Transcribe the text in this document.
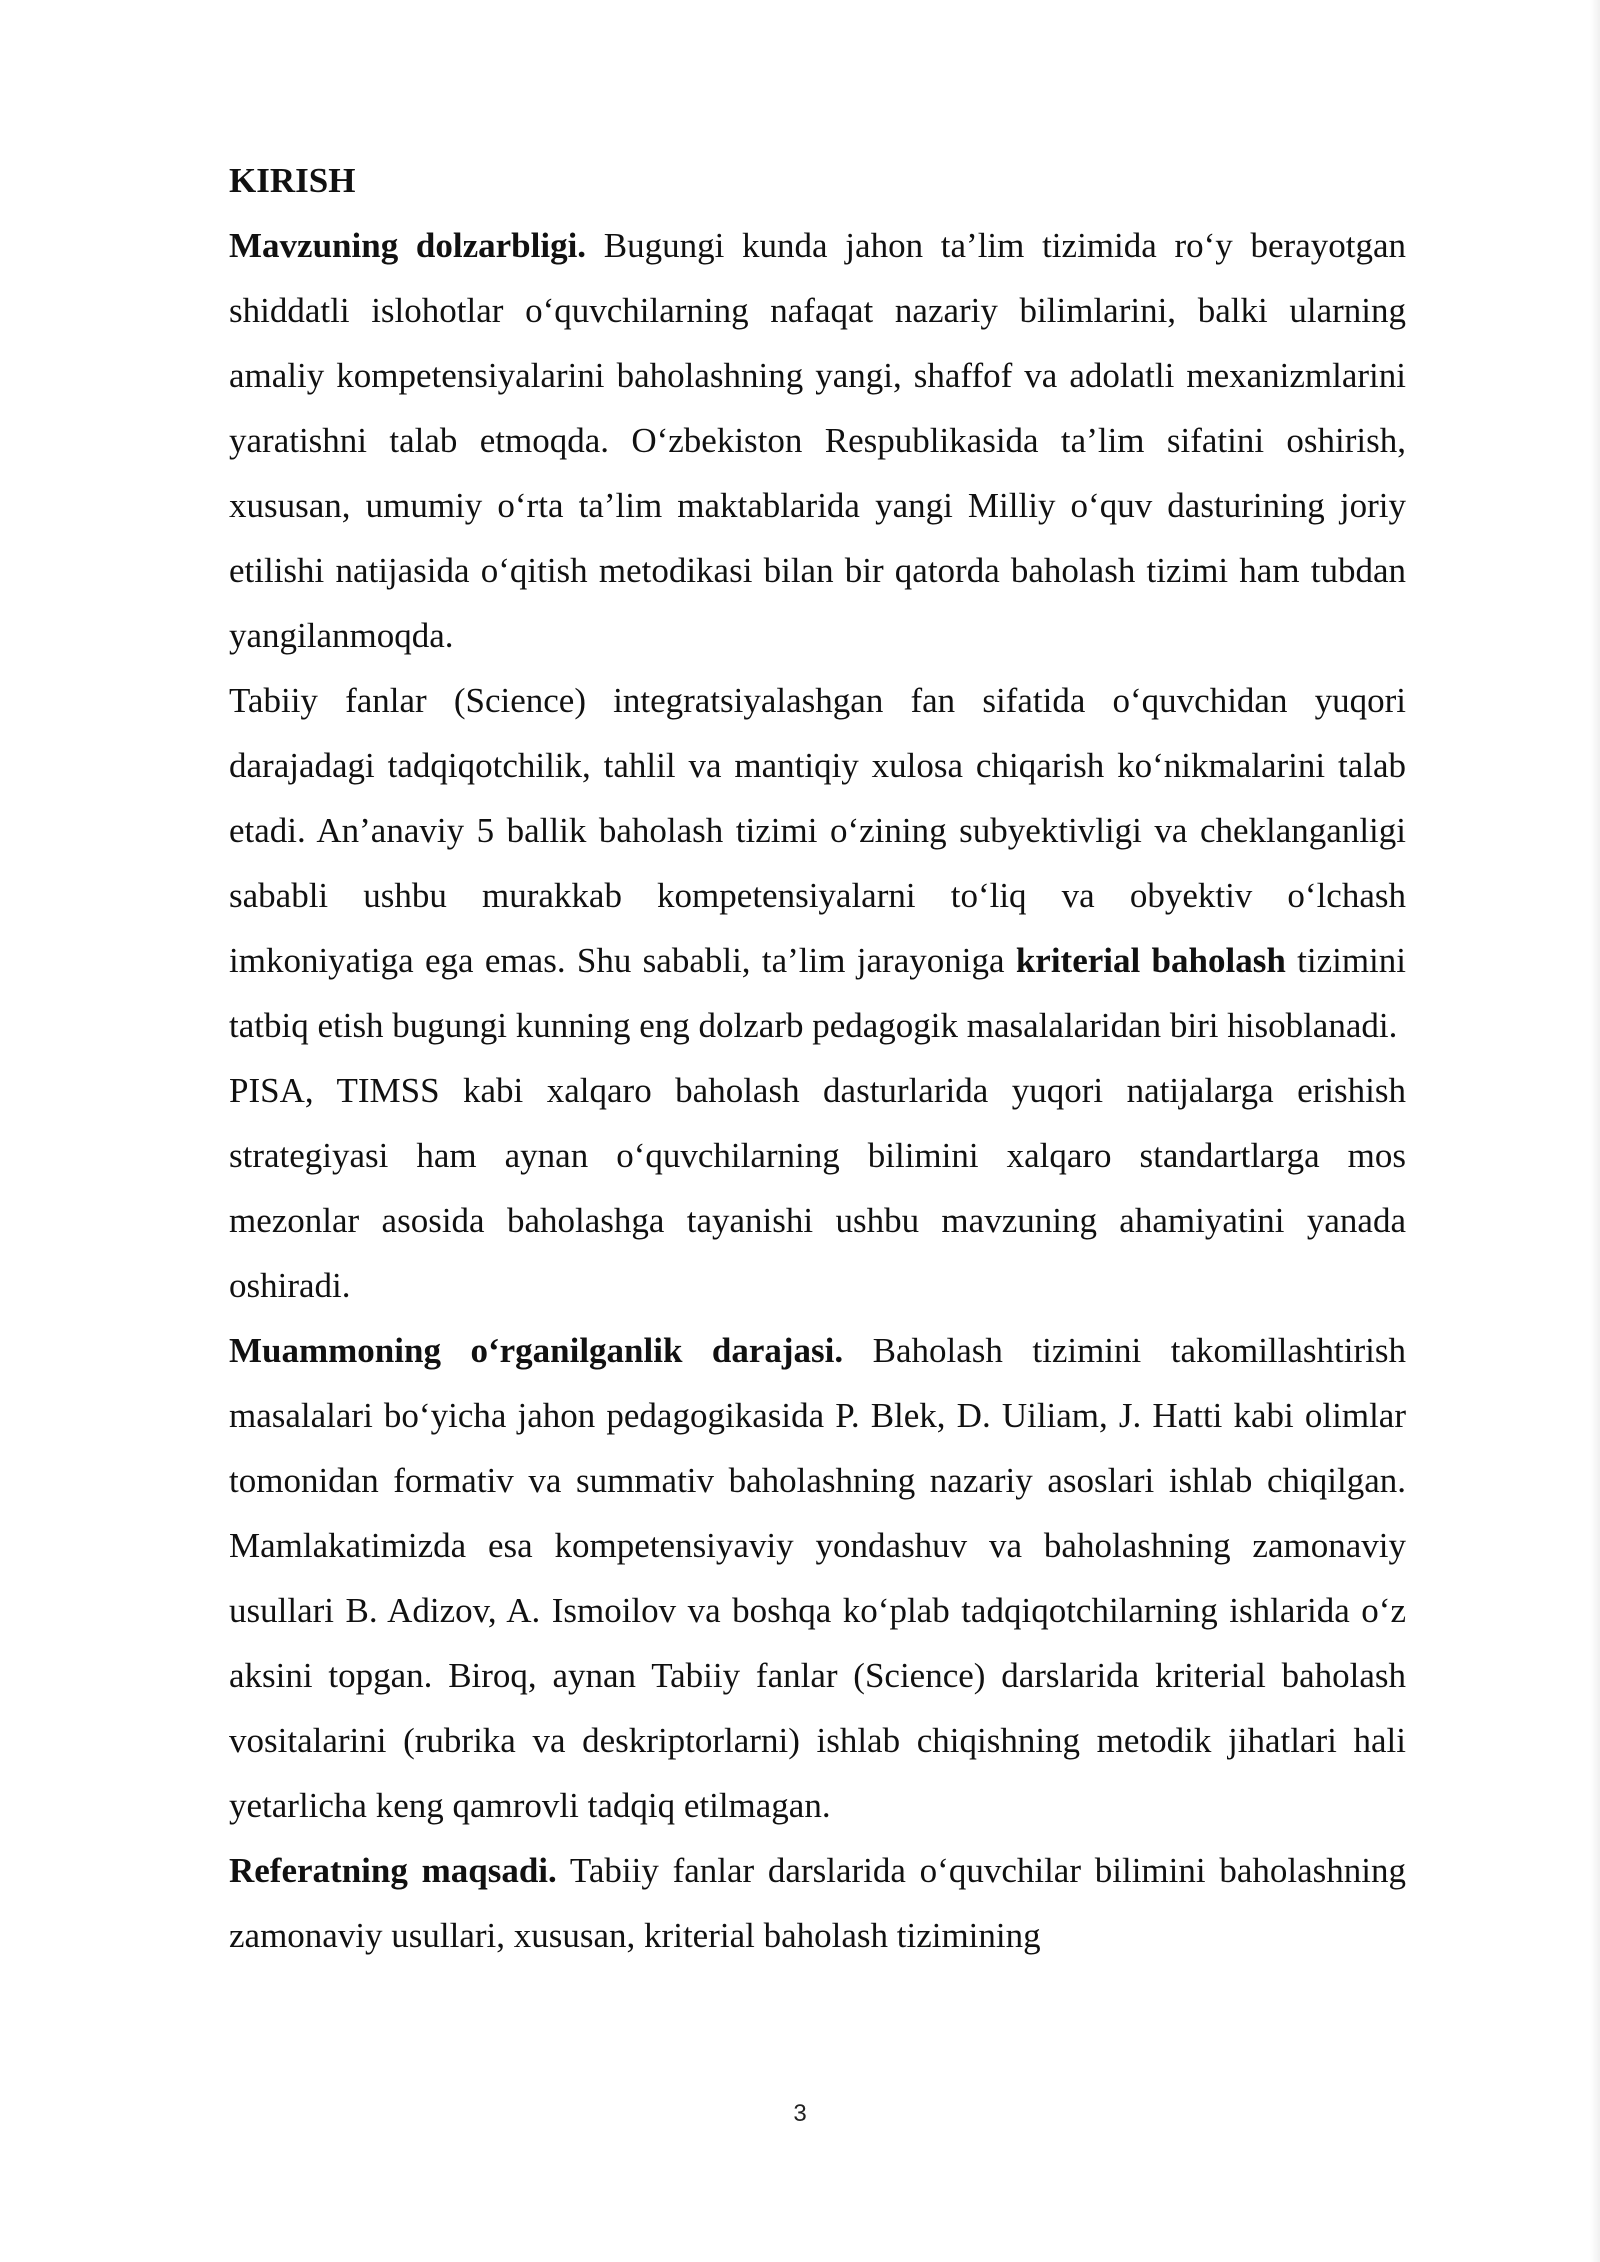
KIRISH

Mavzuning dolzarbligi. Bugungi kunda jahon ta’lim tizimida ro‘y berayotgan shiddatli islohotlar o‘quvchilarning nafaqat nazariy bilimlarini, balki ularning amaliy kompetensiyalarini baholashning yangi, shaffof va adolatli mexanizmlarini yaratishni talab etmoqda. O‘zbekiston Respublikasida ta’lim sifatini oshirish, xususan, umumiy o‘rta ta’lim maktablarida yangi Milliy o‘quv dasturining joriy etilishi natijasida o‘qitish metodikasi bilan bir qatorda baholash tizimi ham tubdan yangilanmoqda.

Tabiiy fanlar (Science) integratsiyalashgan fan sifatida o‘quvchidan yuqori darajadagi tadqiqotchilik, tahlil va mantiqiy xulosa chiqarish ko‘nikmalarini talab etadi. An’anaviy 5 ballik baholash tizimi o‘zining subyektivligi va cheklanganligi sababli ushbu murakkab kompetensiyalarni to‘liq va obyektiv o‘lchash imkoniyatiga ega emas. Shu sababli, ta’lim jarayoniga kriterial baholash tizimini tatbiq etish bugungi kunning eng dolzarb pedagogik masalalaridan biri hisoblanadi.

PISA, TIMSS kabi xalqaro baholash dasturlarida yuqori natijalarga erishish strategiyasi ham aynan o‘quvchilarning bilimini xalqaro standartlarga mos mezonlar asosida baholashga tayanishi ushbu mavzuning ahamiyatini yanada oshiradi.

Muammoning o‘rganilganlik darajasi. Baholash tizimini takomillashtirish masalalari bo‘yicha jahon pedagogikasida P. Blek, D. Uiliam, J. Hatti kabi olimlar tomonidan formativ va summativ baholashning nazariy asoslari ishlab chiqilgan. Mamlakatimizda esa kompetensiyaviy yondashuv va baholashning zamonaviy usullari B. Adizov, A. Ismoilov va boshqa ko‘plab tadqiqotchilarning ishlarida o‘z aksini topgan. Biroq, aynan Tabiiy fanlar (Science) darslarida kriterial baholash vositalarini (rubrika va deskriptorlarni) ishlab chiqishning metodik jihatlari hali yetarlicha keng qamrovli tadqiq etilmagan.

Referatning maqsadi. Tabiiy fanlar darslarida o‘quvchilar bilimini baholashning zamonaviy usullari, xususan, kriterial baholash tizimining

3
